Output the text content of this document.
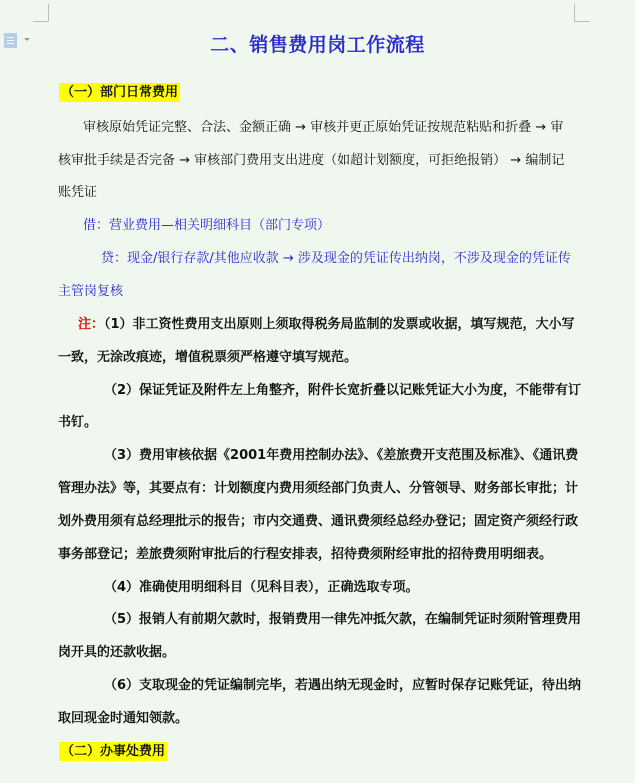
二、销售费用岗工作流程
（一）部门日常费用
审核原始凭证完整、合法、金额正确 → 审核并更正原始凭证按规范粘贴和折叠 → 审
核审批手续是否完备 → 审核部门费用支出进度（如超计划额度，可拒绝报销） → 编制记
账凭证
借：营业费用—相关明细科目（部门专项）
贷：现金/银行存款/其他应收款 → 涉及现金的凭证传出纳岗，不涉及现金的凭证传
主管岗复核
注：（1）非工资性费用支出原则上须取得税务局监制的发票或收据，填写规范，大小写
一致，无涂改痕迹，增值税票须严格遵守填写规范。
（2）保证凭证及附件左上角整齐，附件长宽折叠以记账凭证大小为度，不能带有订
书钉。
（3）费用审核依据《2001年费用控制办法》、《差旅费开支范围及标准》、《通讯费
管理办法》等，其要点有：计划额度内费用须经部门负责人、分管领导、财务部长审批；计
划外费用须有总经理批示的报告；市内交通费、通讯费须经总经办登记；固定资产须经行政
事务部登记；差旅费须附审批后的行程安排表，招待费须附经审批的招待费用明细表。
（4）准确使用明细科目（见科目表），正确选取专项。
（5）报销人有前期欠款时，报销费用一律先冲抵欠款，在编制凭证时须附管理费用
岗开具的还款收据。
（6）支取现金的凭证编制完毕，若遇出纳无现金时，应暂时保存记账凭证，待出纳
取回现金时通知领款。
（二）办事处费用
